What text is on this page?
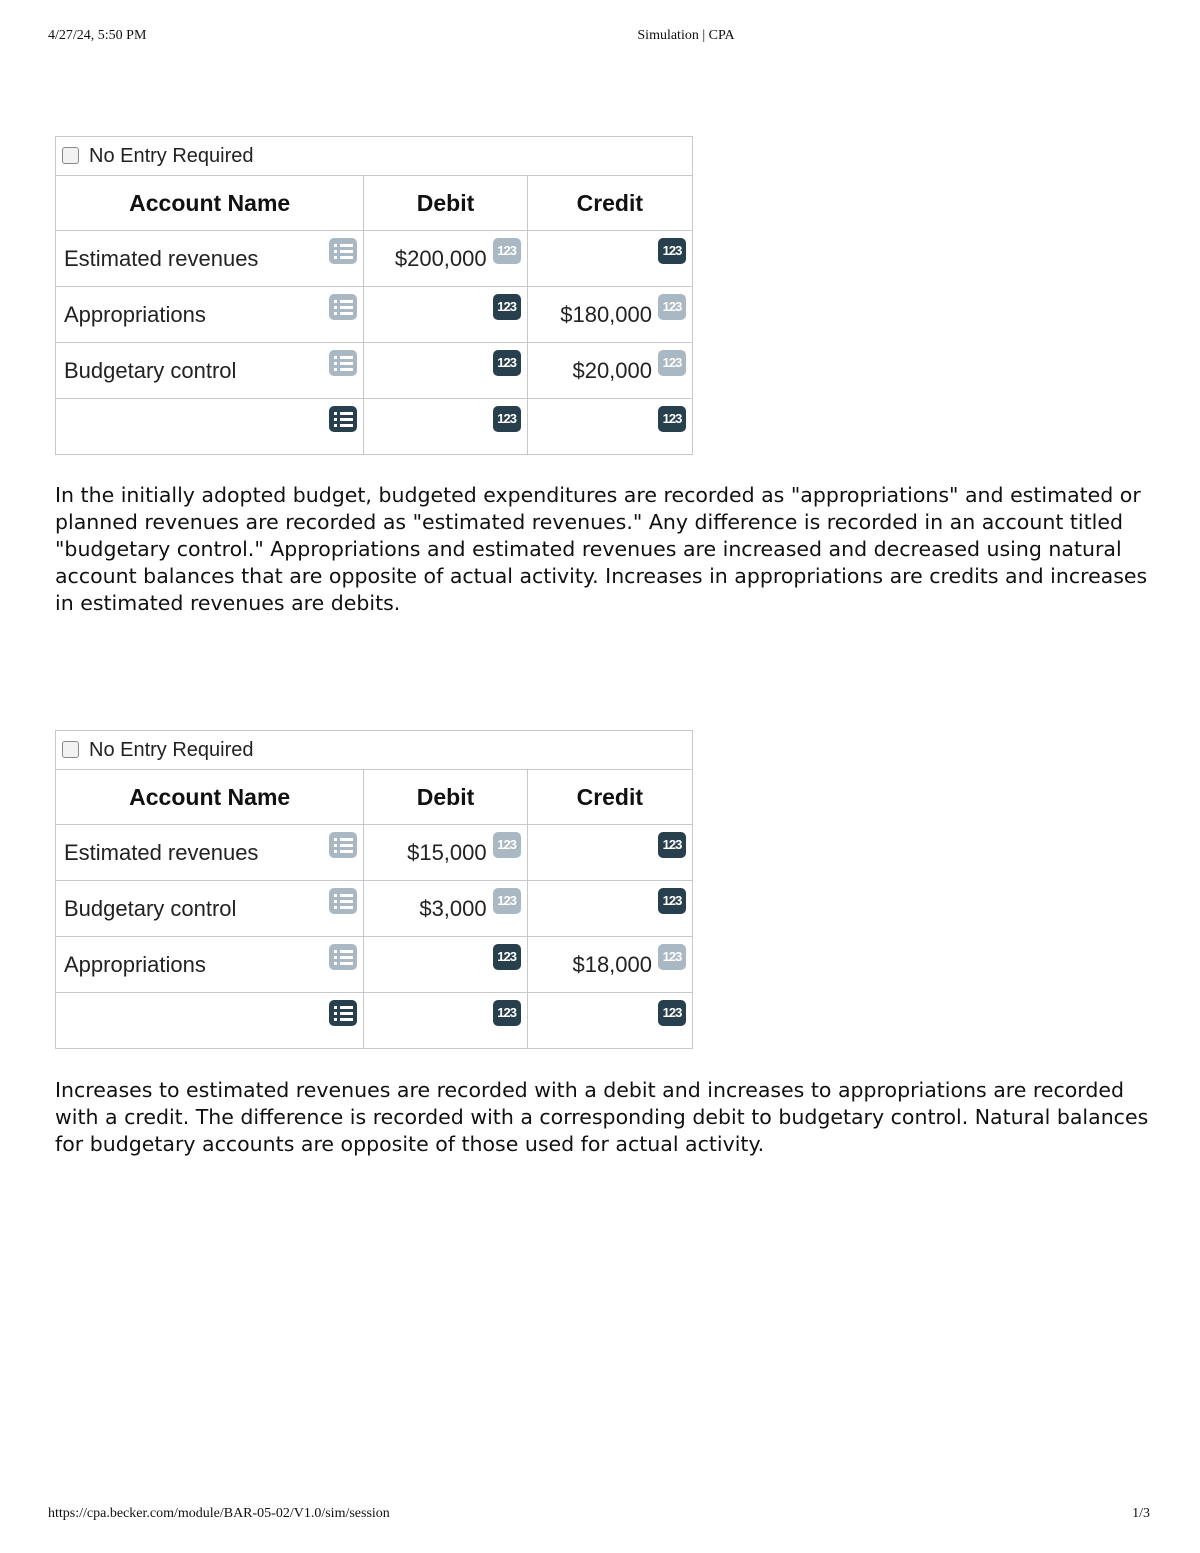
4/27/24, 5:50 PM	Simulation | CPA
No Entry Required		
Account Name	Debit	Credit

Estimated revenues	$200,000 123	123

Appropriations	123	$180,000 123

Budgetary control	123	$20,000 123

	123	123

In the initially adopted budget, budgeted expenditures are recorded as "appropriations" and estimated or planned revenues are recorded as "estimated revenues." Any difference is recorded in an account titled "budgetary control." Appropriations and estimated revenues are increased and decreased using natural account balances that are opposite of actual activity. Increases in appropriations are credits and increases in estimated revenues are debits.

No Entry Required		
Account Name	Debit	Credit

Estimated revenues	$15,000 123	123

Budgetary control	$3,000 123	123

Appropriations	123	$18,000 123

	123	123

Increases to estimated revenues are recorded with a debit and increases to appropriations are recorded with a credit. The difference is recorded with a corresponding debit to budgetary control. Natural balances for budgetary accounts are opposite of those used for actual activity.

https://cpa.becker.com/module/BAR-05-02/V1.0/sim/session	1/3
